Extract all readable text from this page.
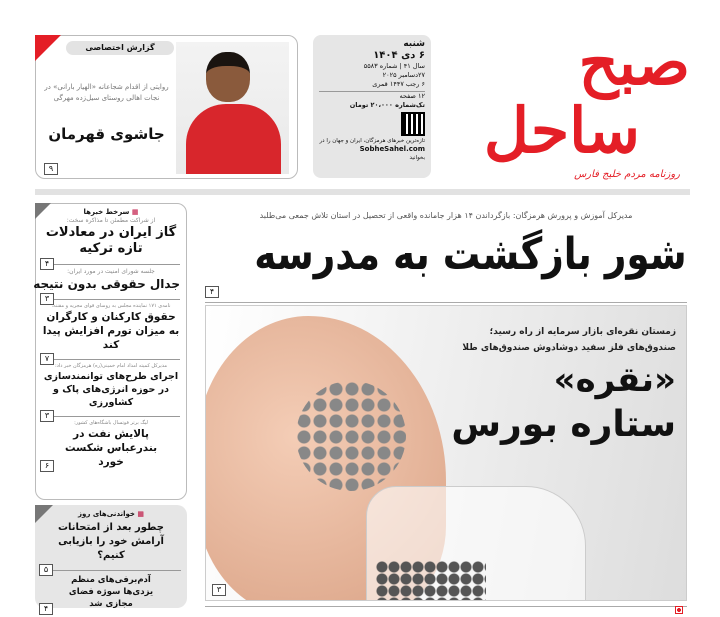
صبح
ساحل
روزنامه مردم خلیج فارس
شنبه
۶ دی ۱۴۰۴
سال ۴۱ | شماره ۵۵۸۳
۲۷دسامبر ۲۰۲۵
۶ رجب ۱۴۴۷ قمری
۱۲ صفحه
تک‌شماره ۲۰،۰۰۰ تومان
تازه‌ترین خبرهای هرمزگان، ایران و جهان را در
SobheSahel.com
بخوانید
گزارش اختصاصی
روایتی از اقدام شجاعانه «الهیار بارانی» در نجات اهالی روستای سیل‌زده مهرگی
جاشوی قهرمان
۹
▦ سرخط خبرها
از شراکت مطمئن تا مذاکره سخت:
گاز ایران در معادلات تازه ترکیه
۴
جلسه شورای امنیت در مورد ایران:
جدال حقوقی بدون نتیجه
۳
نامه‌ی ۱۷۱ نماینده مجلس به روسای قوای مجریه و مقننه:
حقوق کارکنان و کارگران به میزان تورم افزایش پیدا کند
۷
مدیرکل کمیته امداد امام خمینی(ره) هرمزگان خبر داد:
اجرای طرح‌های توانمندسازی در حوزه انرژی‌های پاک و کشاورزی
۳
لیگ برتر فوتسال باشگاه‌های کشور:
پالایش نفت در بندرعباس شکست خورد
۶
▦ خواندنی‌های روز
چطور بعد از امتحانات آرامش خود را بازیابی کنیم؟
۵
آدم‌برفی‌های منظم یزدی‌ها سوژه فضای مجازی شد
۴
مدیرکل آموزش و پرورش هرمزگان: بازگرداندن ۱۴ هزار جامانده واقعی از تحصیل در استان تلاش جمعی می‌طلبد
شور بازگشت به مدرسه
۴
زمستان نقره‌ای بازار سرمایه از راه رسید؛
صندوق‌های فلز سفید دوشادوش صندوق‌های طلا
«نقره»
ستاره بورس
۳
